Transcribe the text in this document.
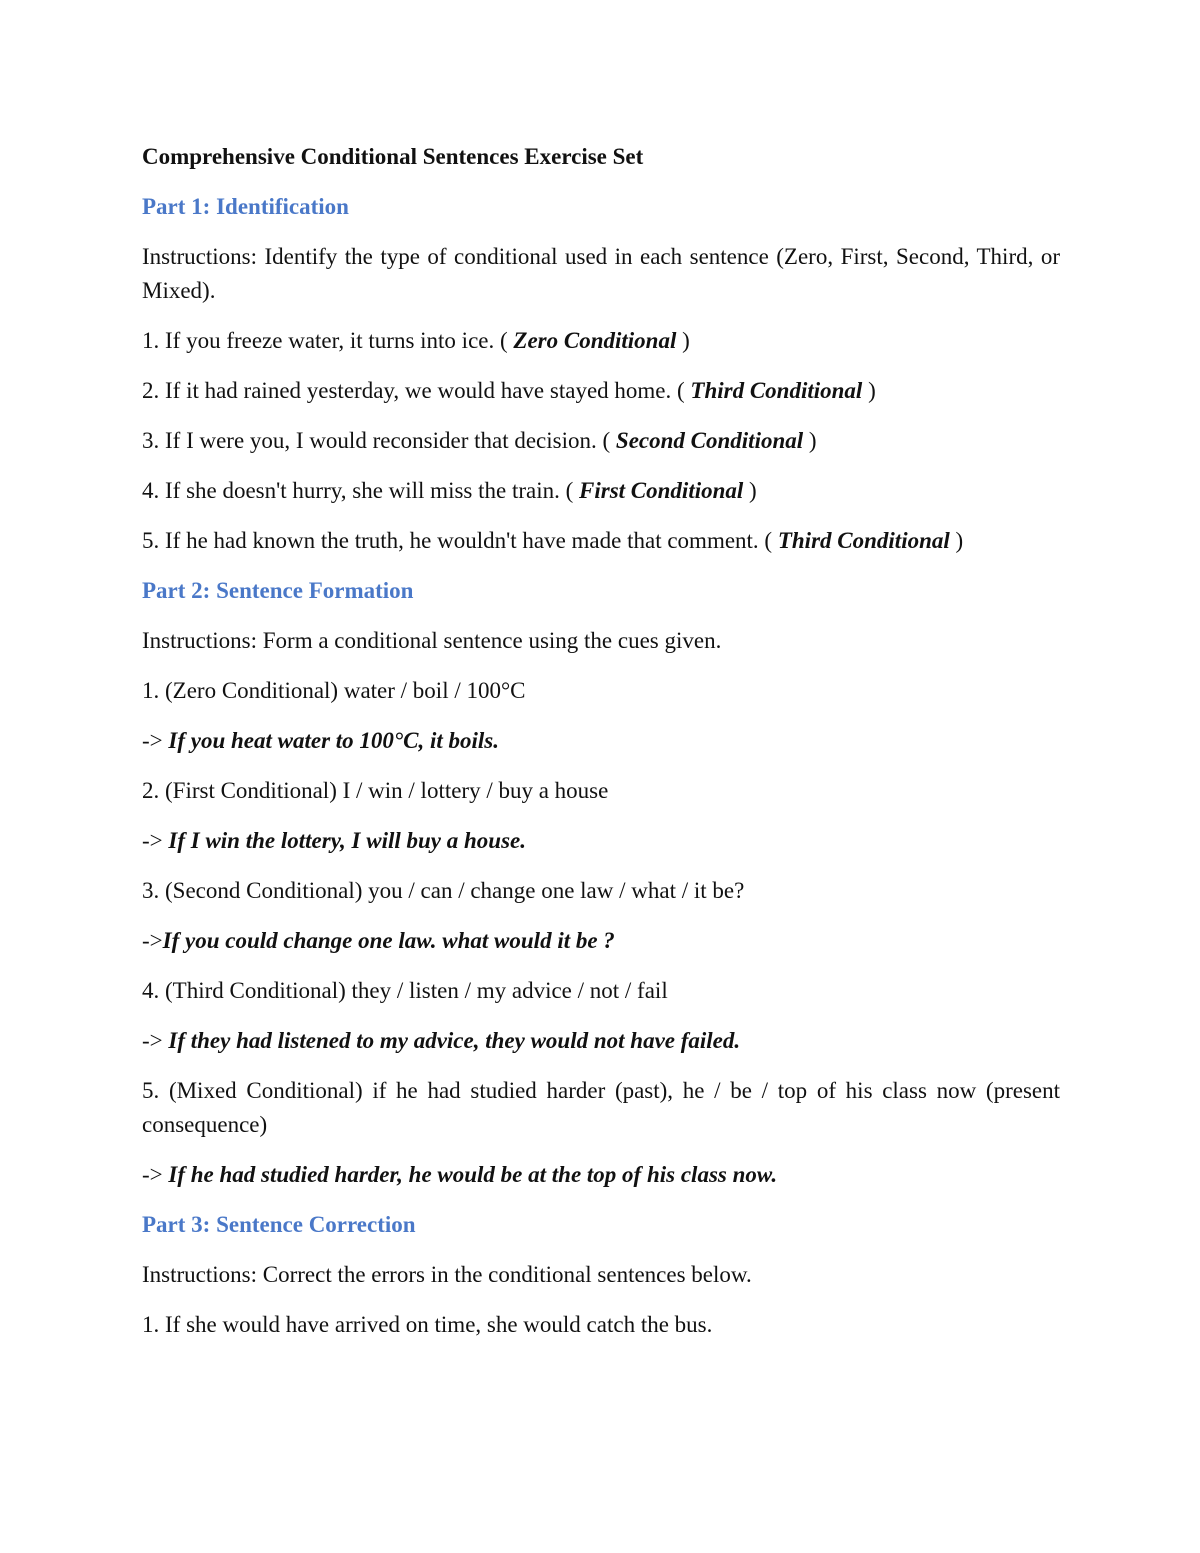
Comprehensive Conditional Sentences Exercise Set

Part 1: Identification

Instructions: Identify the type of conditional used in each sentence (Zero, First, Second, Third, or Mixed).

1. If you freeze water, it turns into ice. ( Zero Conditional )

2. If it had rained yesterday, we would have stayed home. ( Third Conditional )

3. If I were you, I would reconsider that decision. ( Second Conditional )

4. If she doesn't hurry, she will miss the train. ( First Conditional )

5. If he had known the truth, he wouldn't have made that comment. ( Third Conditional )

Part 2: Sentence Formation

Instructions: Form a conditional sentence using the cues given.

1. (Zero Conditional) water / boil / 100°C

-> If you heat water to 100°C, it boils.

2. (First Conditional) I / win / lottery / buy a house

-> If I win the lottery, I will buy a house.

3. (Second Conditional) you / can / change one law / what / it be?

->If you could change one law. what would it be ?

4. (Third Conditional) they / listen / my advice / not / fail

-> If they had listened to my advice, they would not have failed.

5. (Mixed Conditional) if he had studied harder (past), he / be / top of his class now (present consequence)

-> If he had studied harder, he would be at the top of his class now.

Part 3: Sentence Correction

Instructions: Correct the errors in the conditional sentences below.

1. If she would have arrived on time, she would catch the bus.
